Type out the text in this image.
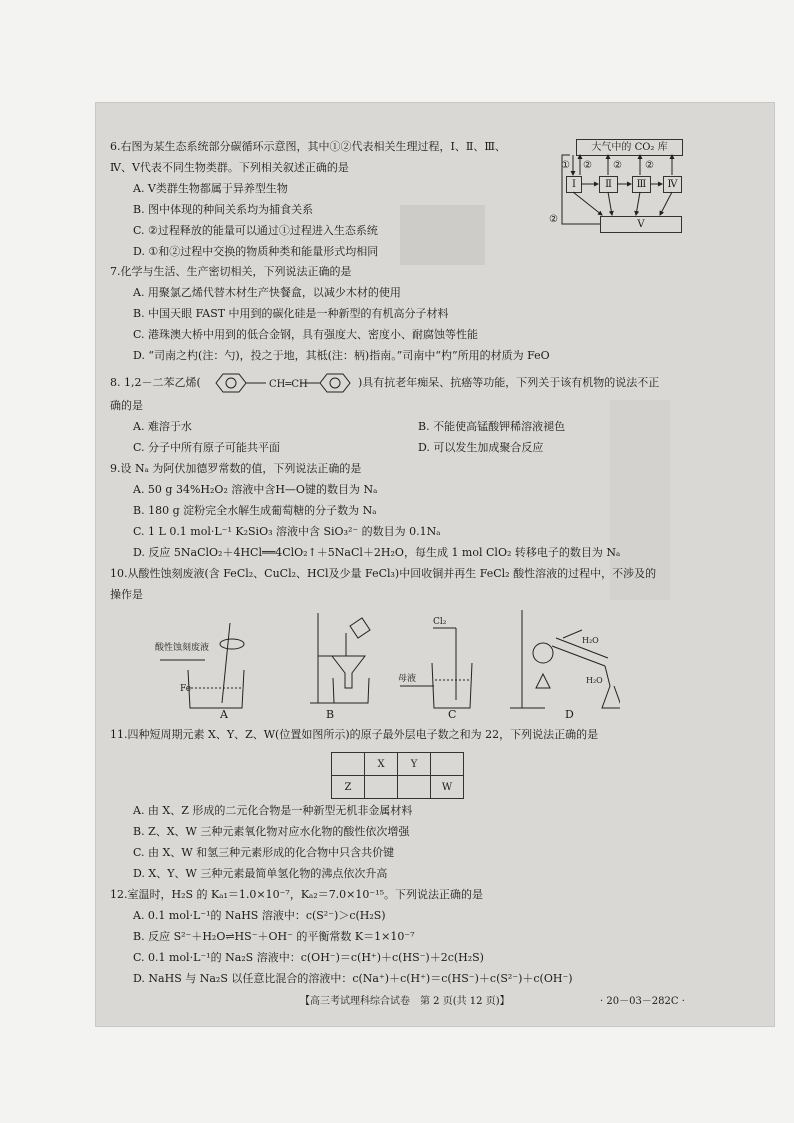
6.右图为某生态系统部分碳循环示意图，其中①②代表相关生理过程，Ⅰ、Ⅱ、Ⅲ、
Ⅳ、Ⅴ代表不同生物类群。下列相关叙述正确的是
A. Ⅴ类群生物都属于异养型生物
B. 图中体现的种间关系均为捕食关系
C. ②过程释放的能量可以通过①过程进入生态系统
D. ①和②过程中交换的物质种类和能量形式均相同
大气中的 CO₂ 库
Ⅰ	Ⅱ	Ⅲ	Ⅳ
Ⅴ
① ② ② ②
②
7.化学与生活、生产密切相关，下列说法正确的是
A. 用聚氯乙烯代替木材生产快餐盒，以减少木材的使用
B. 中国天眼 FAST 中用到的碳化硅是一种新型的有机高分子材料
C. 港珠澳大桥中用到的低合金钢，具有强度大、密度小、耐腐蚀等性能
D. “司南之杓(注：勺)，投之于地，其柢(注：柄)指南。”司南中“杓”所用的材质为 FeO
8. 1,2－二苯乙烯(	CH═CH	)具有抗老年痴呆、抗癌等功能，下列关于该有机物的说法不正
确的是
A. 难溶于水	B. 不能使高锰酸钾稀溶液褪色
C. 分子中所有原子可能共平面	D. 可以发生加成聚合反应
9.设 Nₐ 为阿伏加德罗常数的值，下列说法正确的是
A. 50 g 34%H₂O₂ 溶液中含H—O键的数目为 Nₐ
B. 180 g 淀粉完全水解生成葡萄糖的分子数为 Nₐ
C. 1 L 0.1 mol·L⁻¹ K₂SiO₃ 溶液中含 SiO₃²⁻ 的数目为 0.1Nₐ
D. 反应 5NaClO₂＋4HCl══4ClO₂↑＋5NaCl＋2H₂O，每生成 1 mol ClO₂ 转移电子的数目为 Nₐ
10.从酸性蚀刻废液(含 FeCl₂、CuCl₂、HCl及少量 FeCl₃)中回收铜并再生 FeCl₂ 酸性溶液的过程中，不涉及的
操作是
酸性蚀刻废液
Fe
Cl₂
母液
H₂O
H₂O
A	B	C	D
11.四种短周期元素 X、Y、Z、W(位置如图所示)的原子最外层电子数之和为 22，下列说法正确的是
	X	Y	
Z			W
A. 由 X、Z 形成的二元化合物是一种新型无机非金属材料
B. Z、X、W 三种元素氧化物对应水化物的酸性依次增强
C. 由 X、W 和氢三种元素形成的化合物中只含共价键
D. X、Y、W 三种元素最简单氢化物的沸点依次升高
12.室温时，H₂S 的 Kₐ₁＝1.0×10⁻⁷，Kₐ₂＝7.0×10⁻¹⁵。下列说法正确的是
A. 0.1 mol·L⁻¹的 NaHS 溶液中：c(S²⁻)＞c(H₂S)
B. 反应 S²⁻＋H₂O⇌HS⁻＋OH⁻ 的平衡常数 K＝1×10⁻⁷
C. 0.1 mol·L⁻¹的 Na₂S 溶液中：c(OH⁻)＝c(H⁺)＋c(HS⁻)＋2c(H₂S)
D. NaHS 与 Na₂S 以任意比混合的溶液中：c(Na⁺)＋c(H⁺)＝c(HS⁻)＋c(S²⁻)＋c(OH⁻)
【高三考试理科综合试卷　第 2 页(共 12 页)】	· 20－03－282C ·
